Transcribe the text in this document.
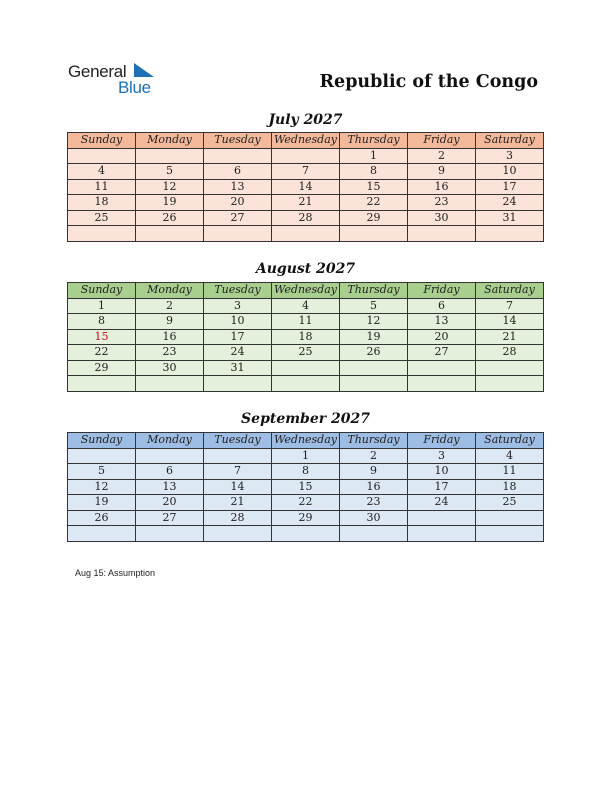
General
Blue	Republic of the Congo
July 2027
Sunday	Monday	Tuesday	Wednesday	Thursday	Friday	Saturday
				1	2	3
4	5	6	7	8	9	10
11	12	13	14	15	16	17
18	19	20	21	22	23	24
25	26	27	28	29	30	31

August 2027
Sunday	Monday	Tuesday	Wednesday	Thursday	Friday	Saturday
1	2	3	4	5	6	7
8	9	10	11	12	13	14
15	16	17	18	19	20	21
22	23	24	25	26	27	28
29	30	31				

September 2027
Sunday	Monday	Tuesday	Wednesday	Thursday	Friday	Saturday
			1	2	3	4
5	6	7	8	9	10	11
12	13	14	15	16	17	18
19	20	21	22	23	24	25
26	27	28	29	30		

Aug 15: Assumption
